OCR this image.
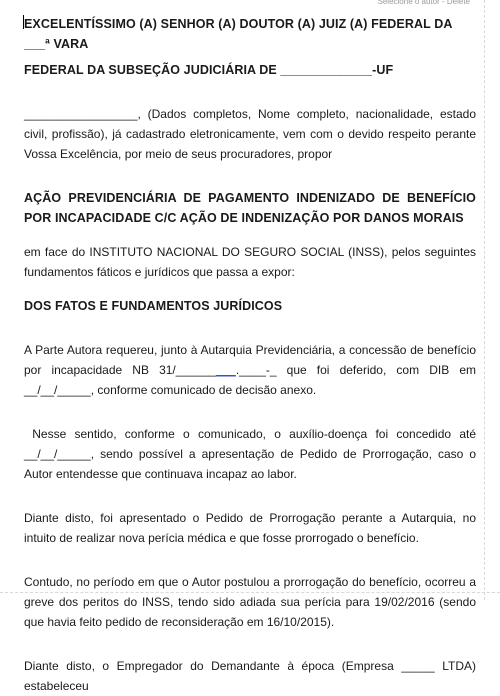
Selecione o autor - Delete

EXCELENTÍSSIMO (A) SENHOR (A) DOUTOR (A) JUIZ (A) FEDERAL DA ___ª VARA

FEDERAL DA SUBSEÇÃO JUDICIÁRIA DE _____________-UF

_________________, (Dados completos, Nome completo, nacionalidade, estado civil, profissão), já cadastrado eletronicamente, vem com o devido respeito perante Vossa Excelência, por meio de seus procuradores, propor

AÇÃO PREVIDENCIÁRIA DE PAGAMENTO INDENIZADO DE BENEFÍCIO POR INCAPACIDADE C/C AÇÃO DE INDENIZAÇÃO POR DANOS MORAIS

em face do INSTITUTO NACIONAL DO SEGURO SOCIAL (INSS), pelos seguintes fundamentos fáticos e jurídicos que passa a expor:

DOS FATOS E FUNDAMENTOS JURÍDICOS

A Parte Autora requereu, junto à Autarquia Previdenciária, a concessão de benefício por incapacidade NB 31/_________.____-_ que foi deferido, com DIB em __/__/_____, conforme comunicado de decisão anexo.

Nesse sentido, conforme o comunicado, o auxílio-doença foi concedido até __/__/_____, sendo possível a apresentação de Pedido de Prorrogação, caso o Autor entendesse que continuava incapaz ao labor.

Diante disto, foi apresentado o Pedido de Prorrogação perante a Autarquia, no intuito de realizar nova perícia médica e que fosse prorrogado o benefício.

Contudo, no período em que o Autor postulou a prorrogação do benefício, ocorreu a greve dos peritos do INSS, tendo sido adiada sua perícia para 19/02/2016 (sendo que havia feito pedido de reconsideração em 16/10/2015).

Diante disto, o Empregador do Demandante à época (Empresa _____ LTDA) estabeleceu
